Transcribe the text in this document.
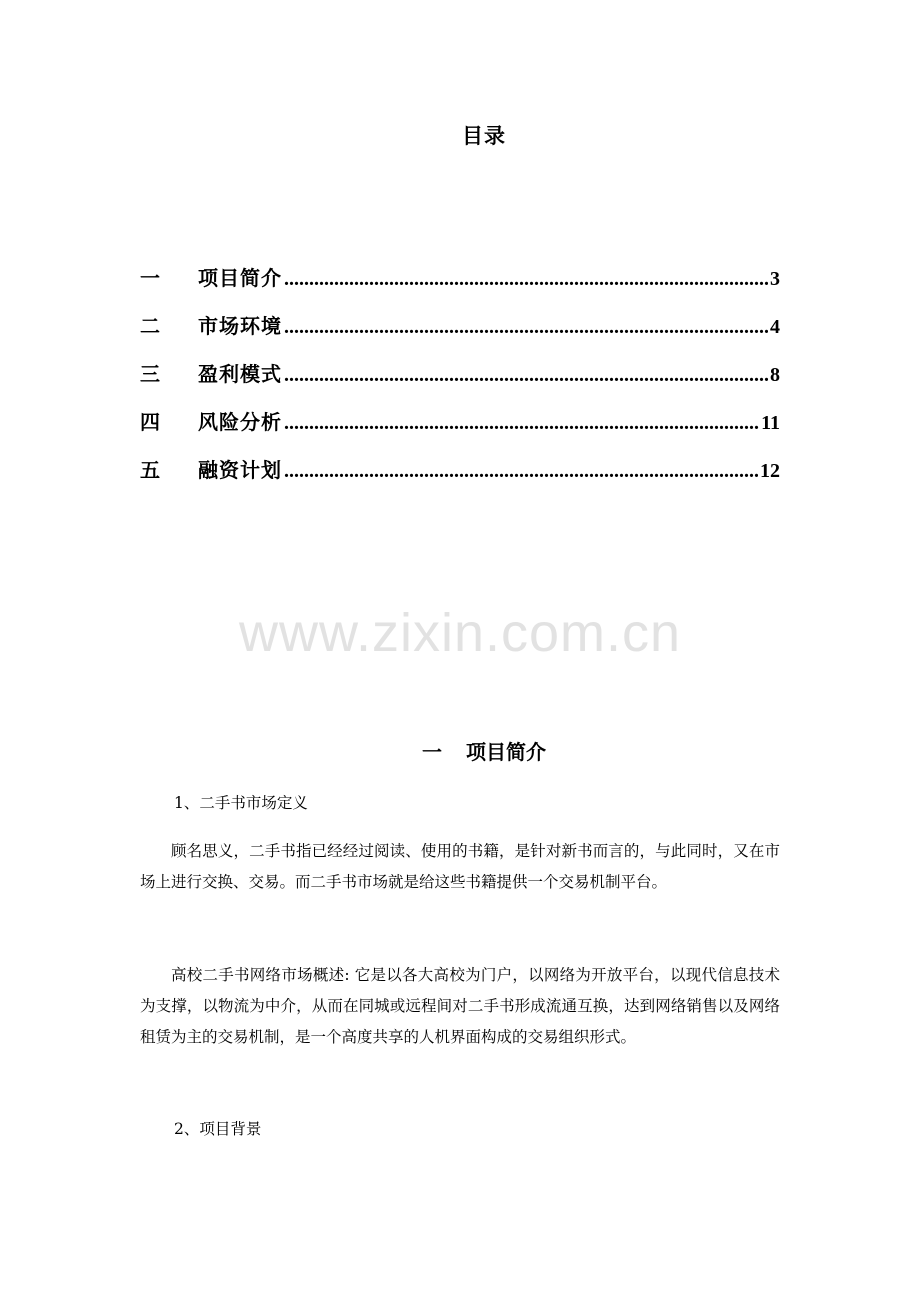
目录
一	项目简介 .....	3
二	市场环境 .....	4
三	盈利模式 .....	8
四	风险分析 .....	11
五	融资计划 .....	12
www.zixin.com.cn
一 项目简介
1、二手书市场定义

顾名思义，二手书指已经经过阅读、使用的书籍，是针对新书而言的，与此同时，又在市场上进行交换、交易。而二手书市场就是给这些书籍提供一个交易机制平台。

高校二手书网络市场概述: 它是以各大高校为门户，以网络为开放平台，以现代信息技术为支撑，以物流为中介，从而在同城或远程间对二手书形成流通互换，达到网络销售以及网络租赁为主的交易机制，是一个高度共享的人机界面构成的交易组织形式。

2、项目背景
